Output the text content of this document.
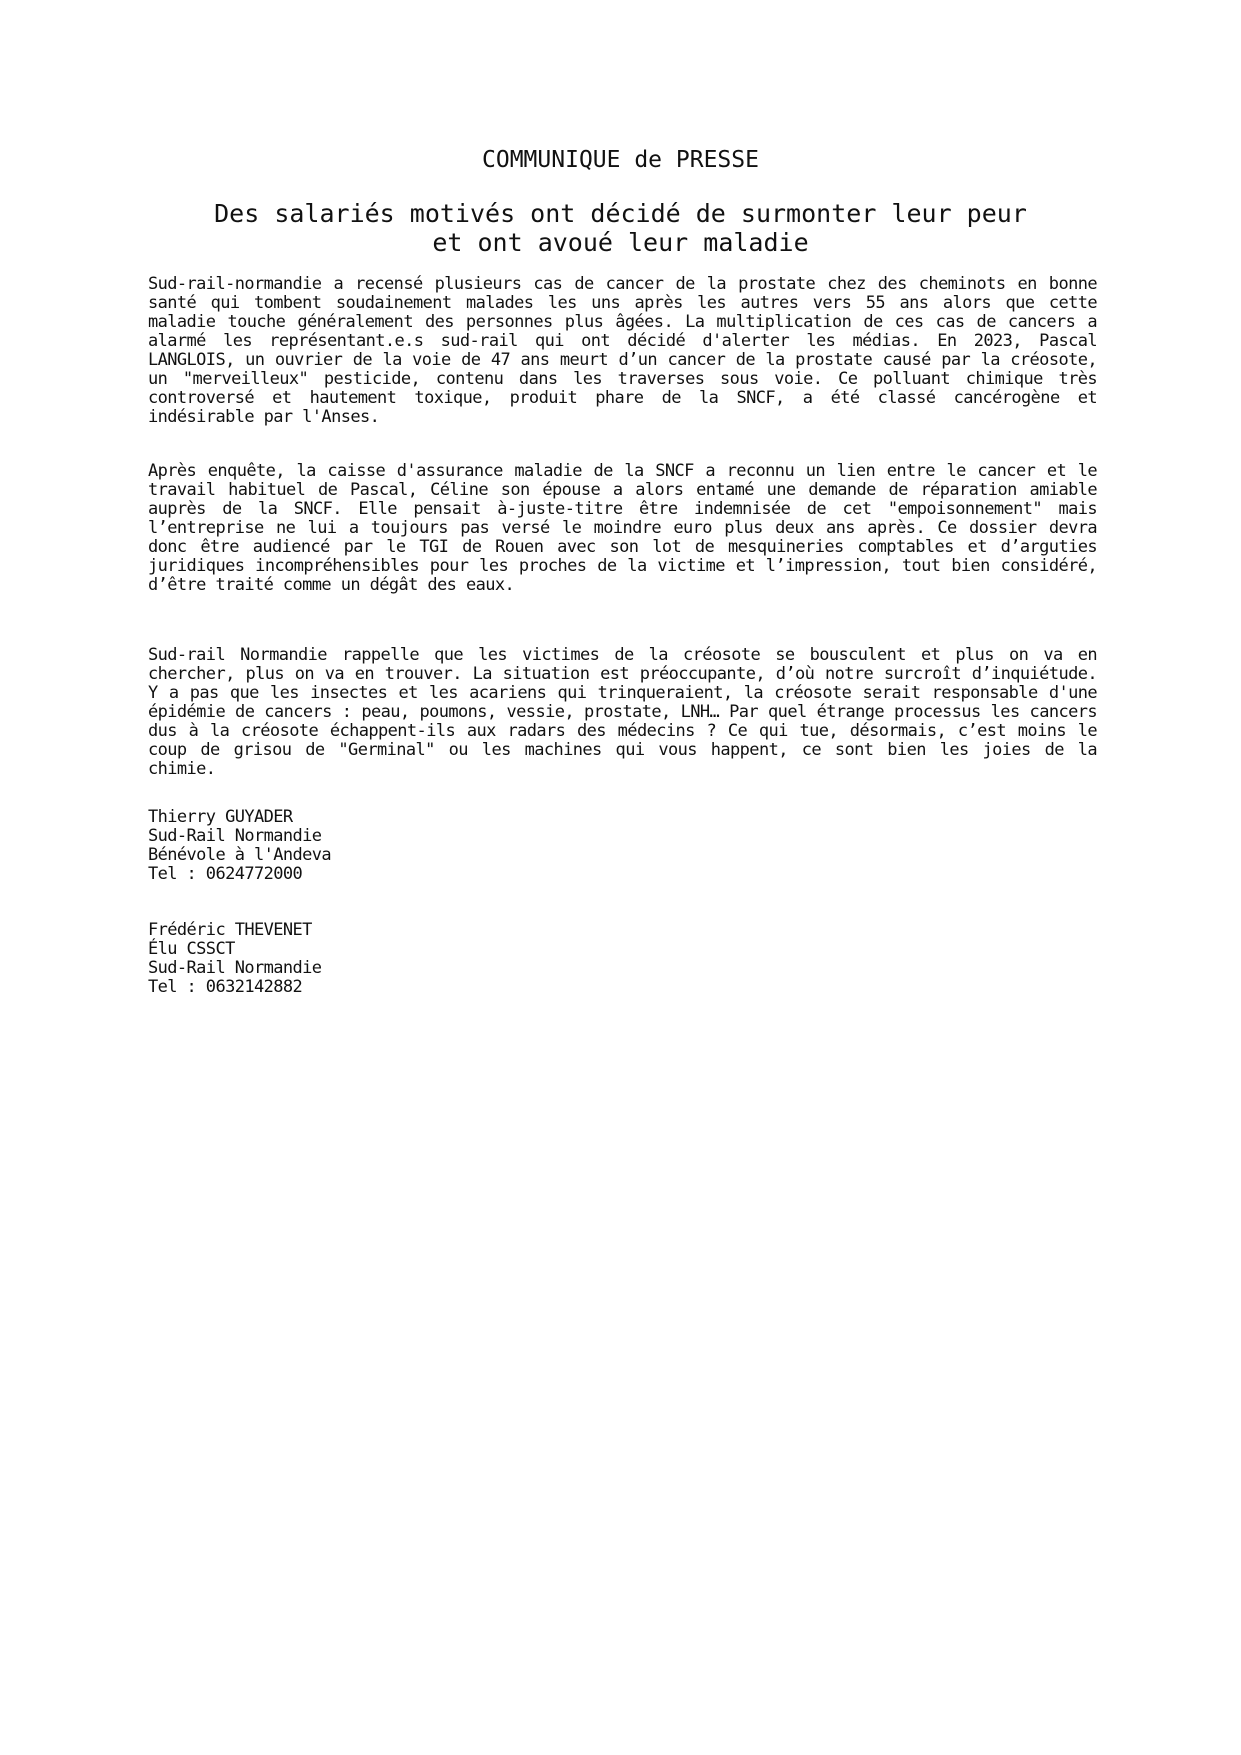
COMMUNIQUE de PRESSE
Des salariés motivés ont décidé de surmonter leur peur
et ont avoué leur maladie

Sud-rail-normandie a recensé plusieurs cas de cancer de la prostate chez des cheminots en bonne santé qui tombent soudainement malades les uns après les autres vers 55 ans alors que cette maladie touche généralement des personnes plus âgées. La multiplication de ces cas de cancers a alarmé les représentant.e.s sud-rail qui ont décidé d'alerter les médias. En 2023, Pascal LANGLOIS, un ouvrier de la voie de 47 ans meurt d’un cancer de la prostate causé par la créosote, un "merveilleux" pesticide, contenu dans les traverses sous voie. Ce polluant chimique très controversé et hautement toxique, produit phare de la SNCF, a été classé cancérogène et indésirable par l'Anses.

Après enquête, la caisse d'assurance maladie de la SNCF a reconnu un lien entre le cancer et le travail habituel de Pascal, Céline son épouse a alors entamé une demande de réparation amiable auprès de la SNCF. Elle pensait à-juste-titre être indemnisée de cet "empoisonnement" mais l’entreprise ne lui a toujours pas versé le moindre euro plus deux ans après. Ce dossier devra donc être audiencé par le TGI de Rouen avec son lot de mesquineries comptables et d’arguties juridiques incompréhensibles pour les proches de la victime et l’impression, tout bien considéré, d’être traité comme un dégât des eaux.

Sud-rail Normandie rappelle que les victimes de la créosote se bousculent et plus on va en chercher, plus on va en trouver. La situation est préoccupante, d’où notre surcroît d’inquiétude. Y a pas que les insectes et les acariens qui trinqueraient, la créosote serait responsable d'une épidémie de cancers : peau, poumons, vessie, prostate, LNH… Par quel étrange processus les cancers dus à la créosote échappent-ils aux radars des médecins ? Ce qui tue, désormais, c’est moins le coup de grisou de "Germinal" ou les machines qui vous happent, ce sont bien les joies de la chimie.

Thierry GUYADER
Sud-Rail Normandie
Bénévole à l'Andeva
Tel : 0624772000
Frédéric THEVENET
Élu CSSCT
Sud-Rail Normandie
Tel : 0632142882
